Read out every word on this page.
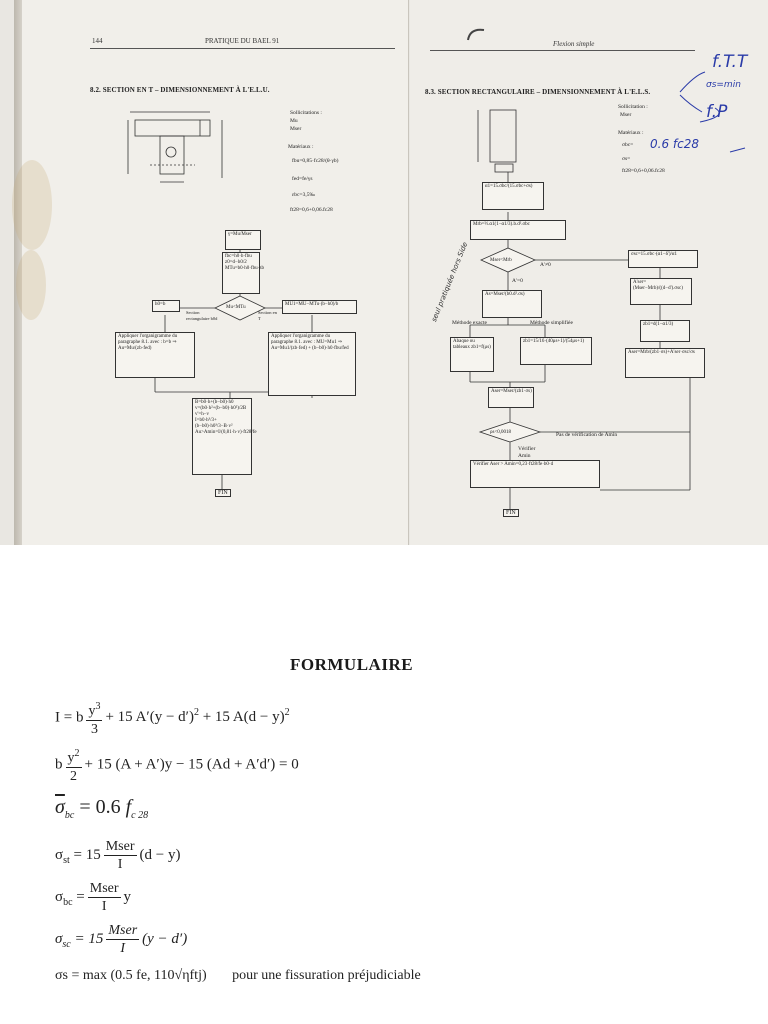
144	PRATIQUE DU BAEL 91
8.2. SECTION EN T – DIMENSIONNEMENT À L'E.L.U.
Flexion simple
8.3. SECTION RECTANGULAIRE – DIMENSIONNEMENT À L'E.L.S.
Sollicitations :
Mu
Mser
Matériaux :
fbu=0,85·fc28/(θ·γb)
fed=fe/γs
εbc=3,5‰
ft28=0,6+0,06.fc28
γ=Mu/Mser
fbc=h0·b·fbu
z0=d−h0/2
MTu=b0·h0·fbu·zb
Mu<MTu
h0=b	MU1=MU−MTu·(b−h0)/b
Section rectangulaire b0d
Section en T
Appliquer l'organigramme du paragraphe 8.1. avec : b=b ⇒ Au=Mu/(zb·fed)
Appliquer l'organigramme du paragraphe 8.1. avec : MU=Mu1 ⇒ Au=Mu1/(zb·fed) + (b−b0)·h0·fbu/fed
B=b0·h+(b−b0)·h0
v=(b0·h²+(b−b0)·h0²)/2B
v'=h−v
I=b0·h³/3+(b−b0)·h0³/3−B·v²
Au>Amin=I/(0,81·h·v)·ft28/fe
FIN
Sollicitation :
Mser
Matériaux :
σbc=
σs=
ft28=0,6+0,06.fc28
α1=15.σbc/(15.σbc+σs)
Mrb=½.α1(1−α1/3).b.d².σbc
Mser<Mrb
A'=0
A'≠0
As=Mser/(b0.d².σs)
Méthode exacte	Méthode simplifiée
Abaque ou tableaux zb1=f(μs)
zb1=15/16·(40μs+1)/(54μs+1)
Aser=Mser/(zb1·σs)
ρs<0,0018	Pas de vérification de Amin
Vérifier Amin
Vérifier Aser > Amin=0,23·ft28/fe·b0·d
FIN
σsc=15.σbc·(α1−δ')/α1
A'ser=(Mser−Mrb)/((d−d').σsc)
zb1=d(1−α1/3)
Aser=Mrb/(zb1·σs)+A'ser·σsc/σs
f.T.T
σs=min
f.P
0.6 fc28
seul pratiquée hors Side
FORMULAIRE
I = b $\frac{y^3}{3} + 15$ $A'(y - d')^2 + 15$ $A(d - y)^2$
b $\frac{y^2}{2} + 15$ (A + A′)y − 15 (Ad + A′d′) = 0
$\overline{\sigma}_{bc} = 0.6$ $f_{c 28}$
$\sigma_{st} = 15 \frac{\text{Mser}}{I} (d - y)$
$\sigma_{bc} = \frac{\text{Mser}}{I}$ y
$\sigma_{sc} = 15 \frac{\text{Mser}}{I} (y - d')$
σs = max (0.5 fe, 110√ηftj) pour une fissuration préjudiciable
